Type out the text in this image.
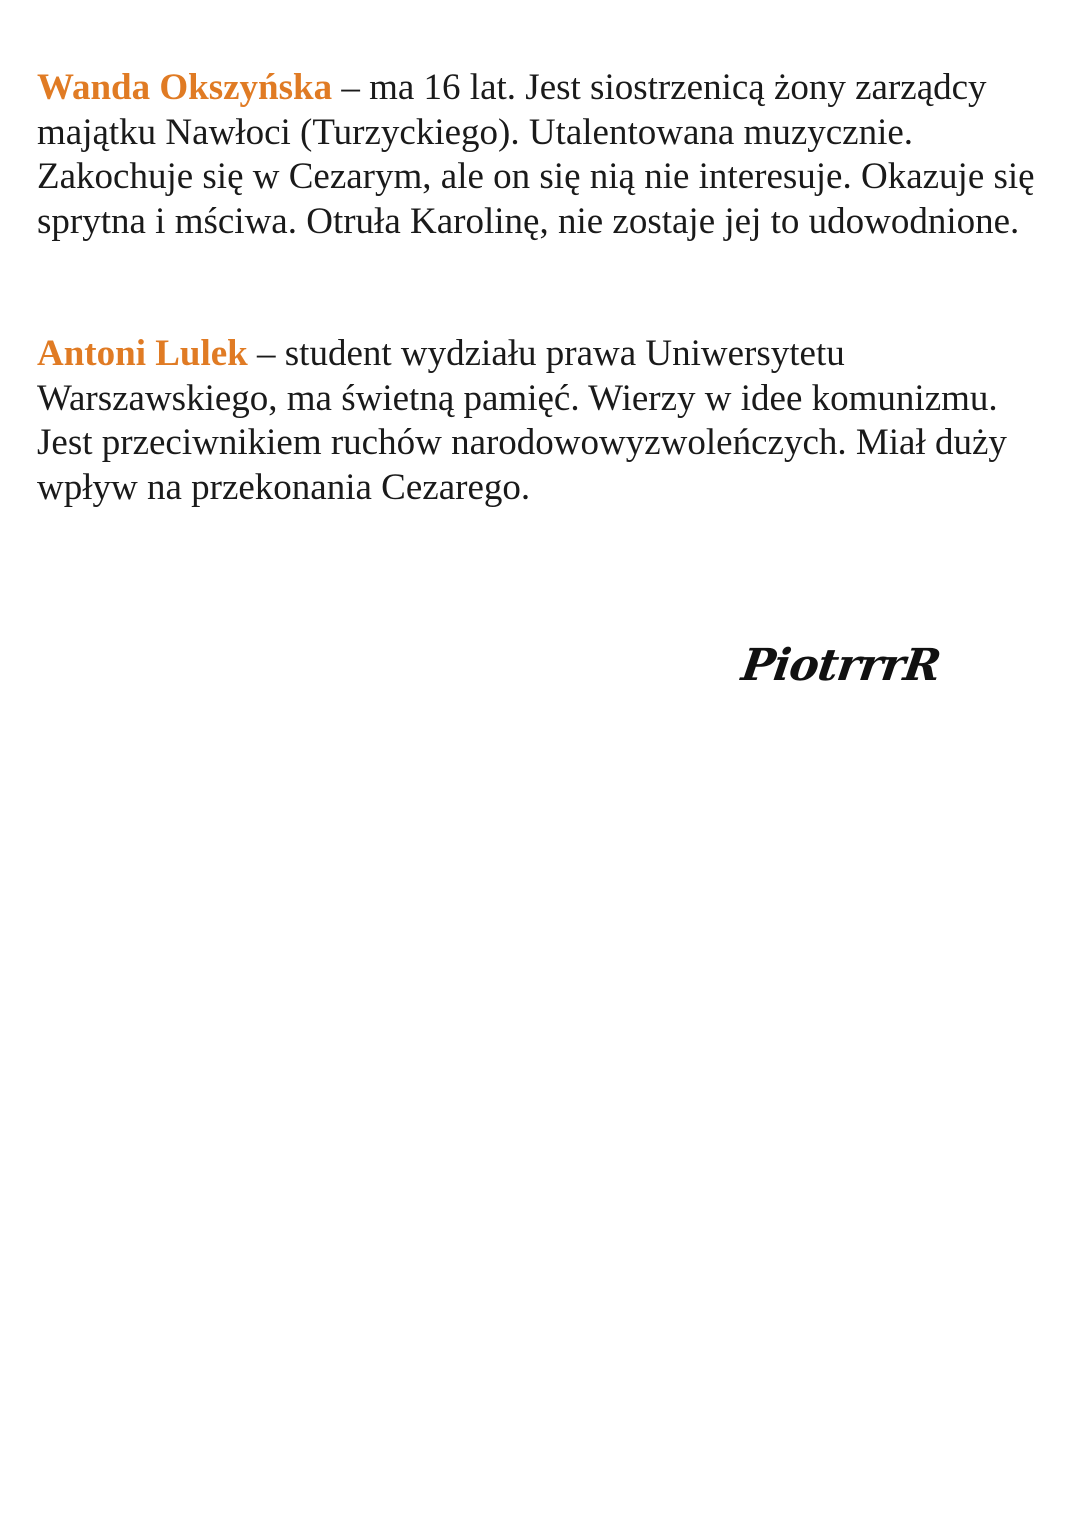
Wanda Okszyńska – ma 16 lat. Jest siostrzenicą żony zarządcy majątku Nawłoci (Turzyckiego). Utalentowana muzycznie. Zakochuje się w Cezarym, ale on się nią nie interesuje. Okazuje się sprytna i mściwa. Otruła Karolinę, nie zostaje jej to udowodnione.

Antoni Lulek – student wydziału prawa Uniwersytetu Warszawskiego, ma świetną pamięć. Wierzy w idee komunizmu. Jest przeciwnikiem ruchów narodowowyzwoleńczych. Miał duży wpływ na przekonania Cezarego.

PiotrrrR
